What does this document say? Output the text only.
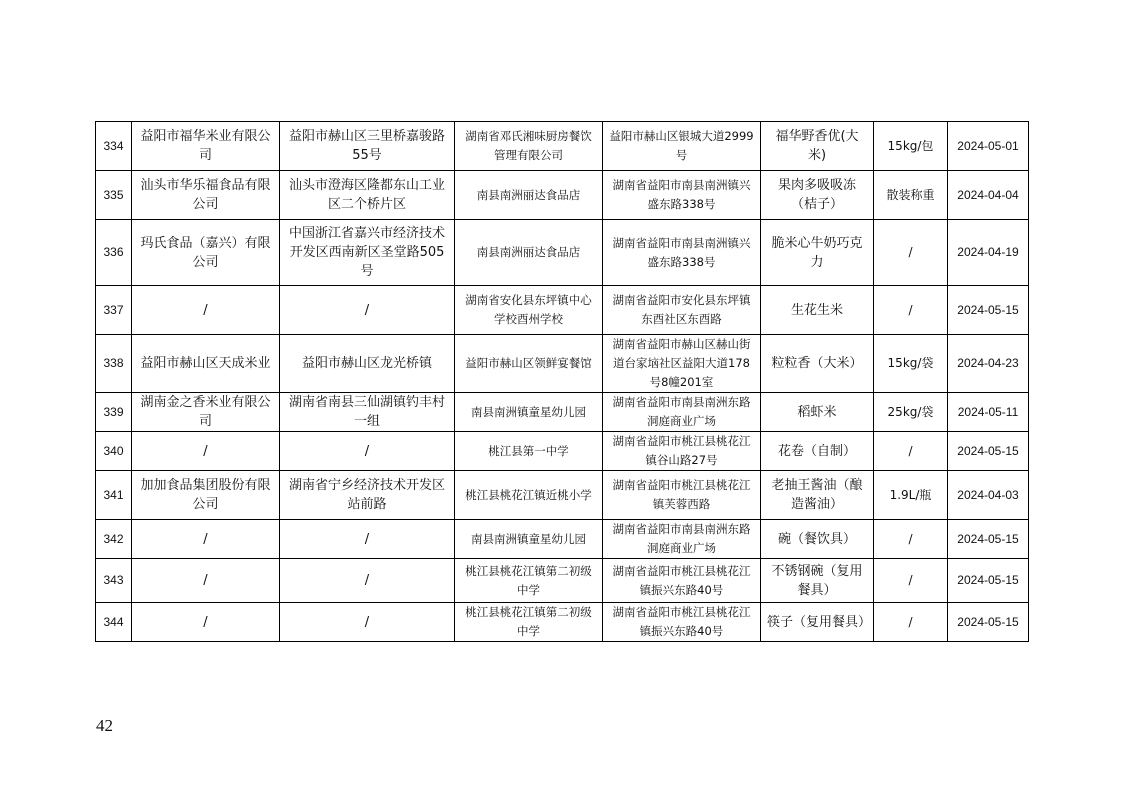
334	益阳市福华米业有限公司	益阳市赫山区三里桥嘉骏路55号	湖南省邓氏湘味厨房餐饮管理有限公司	益阳市赫山区银城大道2999号	福华野香优(大米)	15kg/包	2024-05-01
335	汕头市华乐福食品有限公司	汕头市澄海区隆都东山工业区二个桥片区	南县南洲丽达食品店	湖南省益阳市南县南洲镇兴盛东路338号	果肉多吸吸冻（桔子）	散装称重	2024-04-04
336	玛氏食品（嘉兴）有限公司	中国浙江省嘉兴市经济技术开发区西南新区圣堂路505号	南县南洲丽达食品店	湖南省益阳市南县南洲镇兴盛东路338号	脆米心牛奶巧克力	/	2024-04-19
337	/	/	湖南省安化县东坪镇中心学校酉州学校	湖南省益阳市安化县东坪镇东酉社区东酉路	生花生米	/	2024-05-15
338	益阳市赫山区天成米业	益阳市赫山区龙光桥镇	益阳市赫山区领鲜宴餐馆	湖南省益阳市赫山区赫山街道台家垴社区益阳大道178号8幢201室	粒粒香（大米）	15kg/袋	2024-04-23
339	湖南金之香米业有限公司	湖南省南县三仙湖镇钓丰村一组	南县南洲镇童星幼儿园	湖南省益阳市南县南洲东路洞庭商业广场	稻虾米	25kg/袋	2024-05-11
340	/	/	桃江县第一中学	湖南省益阳市桃江县桃花江镇谷山路27号	花卷（自制）	/	2024-05-15
341	加加食品集团股份有限公司	湖南省宁乡经济技术开发区站前路	桃江县桃花江镇近桃小学	湖南省益阳市桃江县桃花江镇芙蓉西路	老抽王酱油（酿造酱油）	1.9L/瓶	2024-04-03
342	/	/	南县南洲镇童星幼儿园	湖南省益阳市南县南洲东路洞庭商业广场	碗（餐饮具）	/	2024-05-15
343	/	/	桃江县桃花江镇第二初级中学	湖南省益阳市桃江县桃花江镇振兴东路40号	不锈钢碗（复用餐具）	/	2024-05-15
344	/	/	桃江县桃花江镇第二初级中学	湖南省益阳市桃江县桃花江镇振兴东路40号	筷子（复用餐具）	/	2024-05-15
42
